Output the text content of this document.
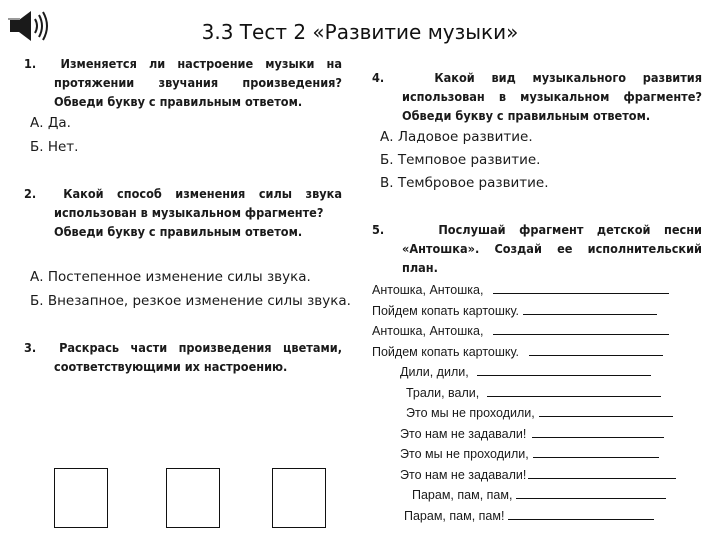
3.3 Тест 2 «Развитие музыки»

1. Изменяется ли настроение музыки на

протяжении звучания произведения?

Обведи букву с правильным ответом.

А. Да.
Б. Нет.

2. Какой способ изменения силы звука

использован в музыкальном фрагменте?

Обведи букву с правильным ответом.

А. Постепенное изменение силы звука.
Б. Внезапное, резкое изменение силы звука.

3. Раскрась части произведения цветами,

соответствующими их настроению.

4.	Какой вид музыкального развития

использован в музыкальном фрагменте?

Обведи букву с правильным ответом.

А. Ладовое развитие.
Б. Темповое развитие.
В. Тембровое развитие.

5.	Послушай фрагмент детской песни

«Антошка». Создай ее исполнительский

план.

Антошка, Антошка,
Пойдем копать картошку.
Антошка, Антошка,
Пойдем копать картошку.
Дили, дили,
Трали, вали,
Это мы не проходили,
Это нам не задавали!
Это мы не проходили,
Это нам не задавали!
Парам, пам, пам,
Парам, пам, пам!
